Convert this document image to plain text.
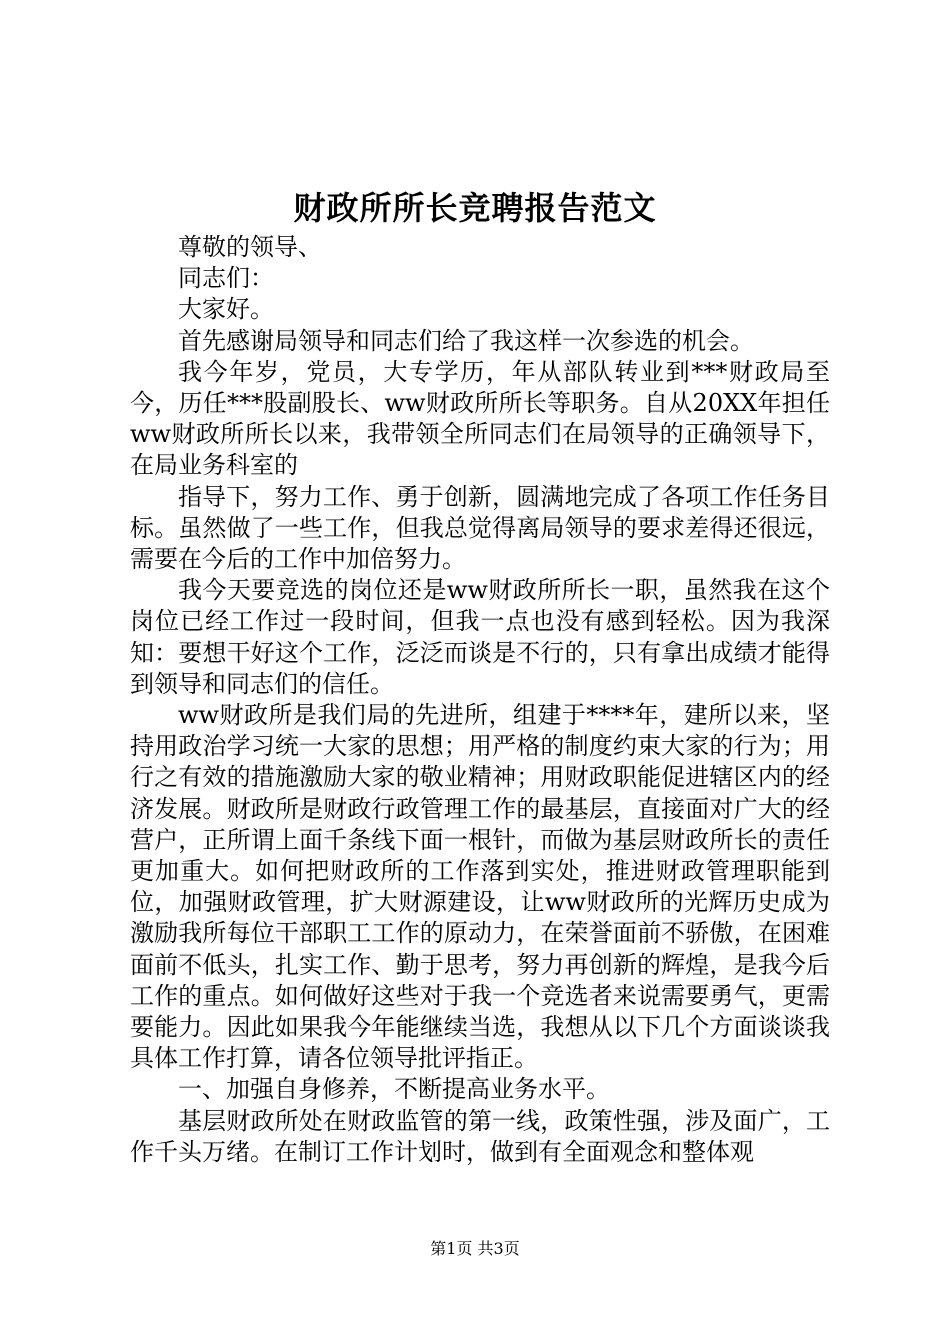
财政所所长竞聘报告范文

尊敬的领导、

同志们：

大家好。

首先感谢局领导和同志们给了我这样一次参选的机会。

我今年岁，党员，大专学历，年从部队转业到***财政局至今，历任***股副股长、ww财政所所长等职务。自从20XX年担任ww财政所所长以来，我带领全所同志们在局领导的正确领导下，在局业务科室的

指导下，努力工作、勇于创新，圆满地完成了各项工作任务目标。虽然做了一些工作，但我总觉得离局领导的要求差得还很远，需要在今后的工作中加倍努力。

我今天要竞选的岗位还是ww财政所所长一职，虽然我在这个岗位已经工作过一段时间，但我一点也没有感到轻松。因为我深知：要想干好这个工作，泛泛而谈是不行的，只有拿出成绩才能得到领导和同志们的信任。

ww财政所是我们局的先进所，组建于****年，建所以来，坚持用政治学习统一大家的思想；用严格的制度约束大家的行为；用行之有效的措施激励大家的敬业精神；用财政职能促进辖区内的经济发展。财政所是财政行政管理工作的最基层，直接面对广大的经营户，正所谓上面千条线下面一根针，而做为基层财政所长的责任更加重大。如何把财政所的工作落到实处，推进财政管理职能到位，加强财政管理，扩大财源建设，让ww财政所的光辉历史成为激励我所每位干部职工工作的原动力，在荣誉面前不骄傲，在困难面前不低头，扎实工作、勤于思考，努力再创新的辉煌，是我今后工作的重点。如何做好这些对于我一个竞选者来说需要勇气，更需要能力。因此如果我今年能继续当选，我想从以下几个方面谈谈我具体工作打算，请各位领导批评指正。

一、加强自身修养，不断提高业务水平。

基层财政所处在财政监管的第一线，政策性强，涉及面广，工作千头万绪。在制订工作计划时，做到有全面观念和整体观

第1页 共3页
